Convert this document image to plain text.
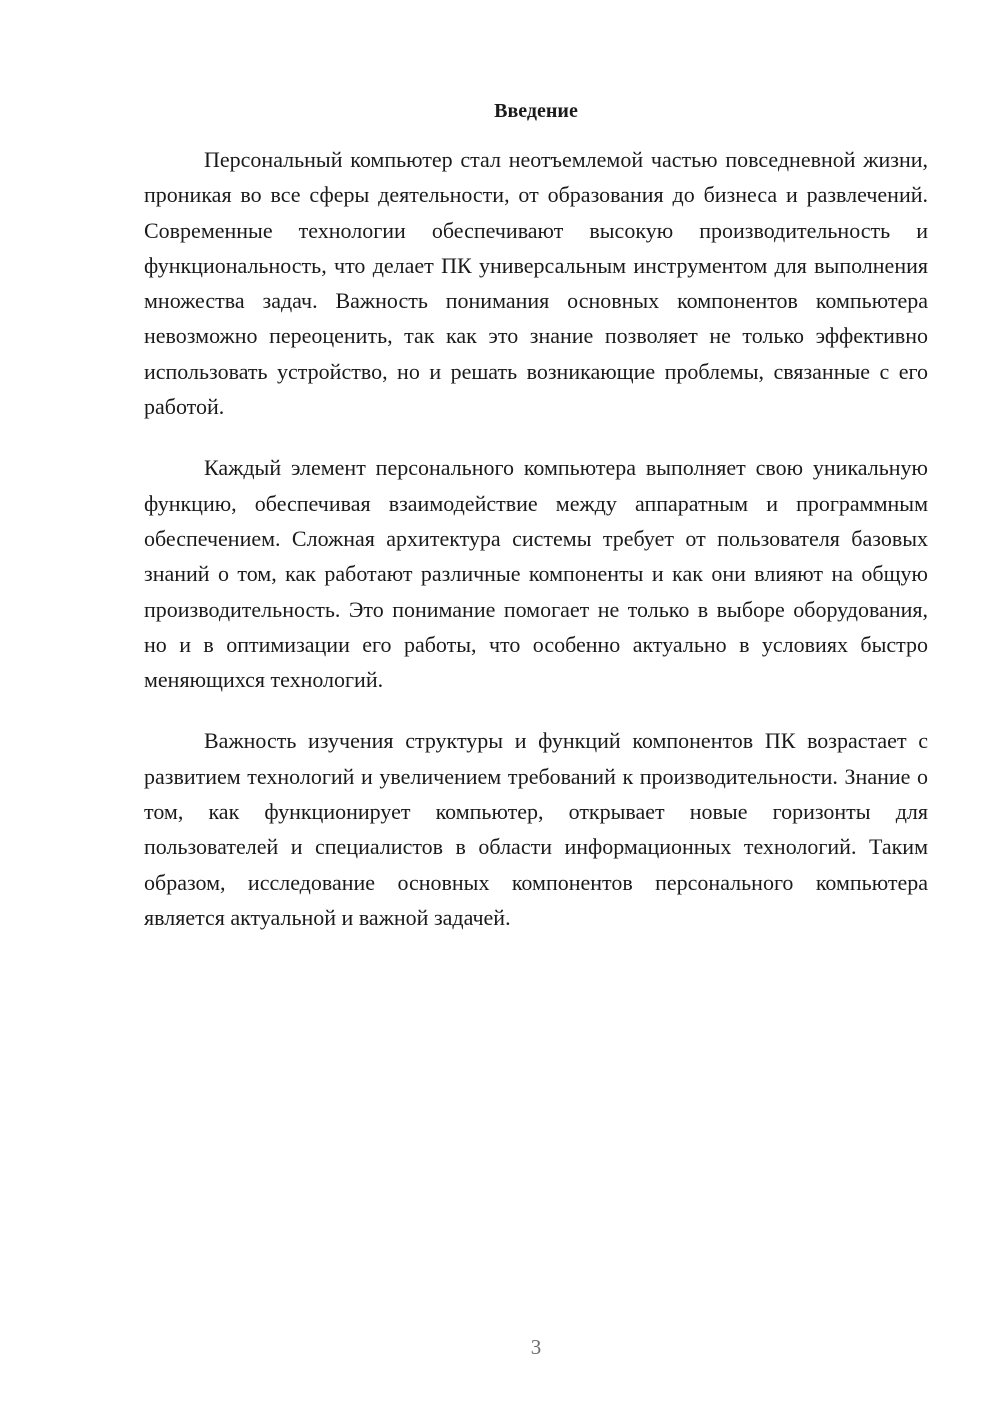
Введение

Персональный компьютер стал неотъемлемой частью повседневной жизни, проникая во все сферы деятельности, от образования до бизнеса и развлечений. Современные технологии обеспечивают высокую производительность и функциональность, что делает ПК универсальным инструментом для выполнения множества задач. Важность понимания основных компонентов компьютера невозможно переоценить, так как это знание позволяет не только эффективно использовать устройство, но и решать возникающие проблемы, связанные с его работой.

Каждый элемент персонального компьютера выполняет свою уникальную функцию, обеспечивая взаимодействие между аппаратным и программным обеспечением. Сложная архитектура системы требует от пользователя базовых знаний о том, как работают различные компоненты и как они влияют на общую производительность. Это понимание помогает не только в выборе оборудования, но и в оптимизации его работы, что особенно актуально в условиях быстро меняющихся технологий.

Важность изучения структуры и функций компонентов ПК возрастает с развитием технологий и увеличением требований к производительности. Знание о том, как функционирует компьютер, открывает новые горизонты для пользователей и специалистов в области информационных технологий. Таким образом, исследование основных компонентов персонального компьютера является актуальной и важной задачей.

3
